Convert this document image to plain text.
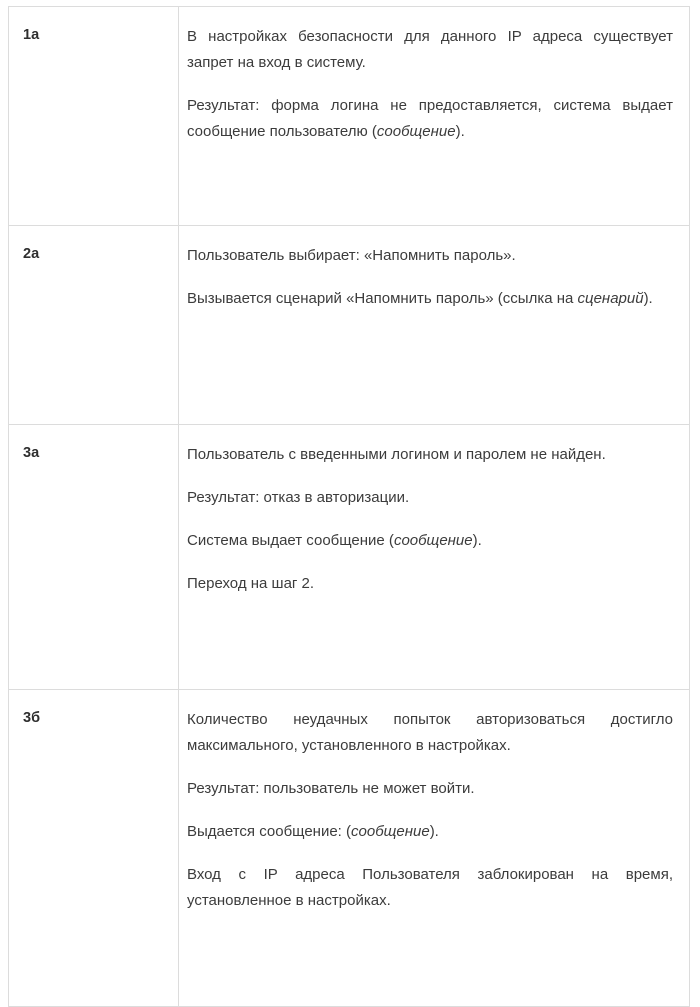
1а	В настройках безопасности для данного IP адреса существует запрет на вход в систему.

Результат: форма логина не предоставляется, система выдает сообщение пользователю (сообщение).

2а	Пользователь выбирает: «Напомнить пароль».

Вызывается сценарий «Напомнить пароль» (ссылка на сценарий).

3а	Пользователь с введенными логином и паролем не найден.

Результат: отказ в авторизации.

Система выдает сообщение (сообщение).

Переход на шаг 2.

3б	Количество неудачных попыток авторизоваться достигло максимального, установленного в настройках.

Результат: пользователь не может войти.

Выдается сообщение: (сообщение).

Вход с IP адреса Пользователя заблокирован на время, установленное в настройках.
